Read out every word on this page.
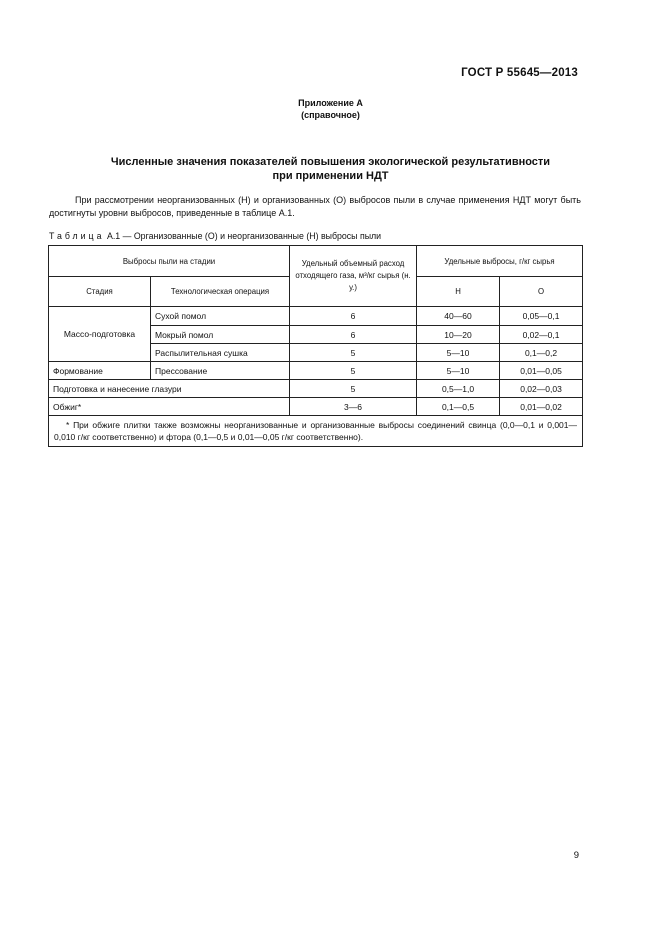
ГОСТ Р 55645—2013
Приложение А
(справочное)
Численные значения показателей повышения экологической результативности
при применении НДТ
При рассмотрении неорганизованных (Н) и организованных (О) выбросов пыли в случае применения НДТ могут быть достигнуты уровни выбросов, приведенные в таблице А.1.
Таблица А.1 — Организованные (О) и неорганизованные (Н) выбросы пыли
Выбросы пыли на стадии		Удельный объемный расход отходящего газа, м³/кг сырья (н. у.)	Удельные выбросы, г/кг сырья	
Стадия	Технологическая операция		Н	О
Массо-подготовка	Сухой помол	6	40—60	0,05—0,1
	Мокрый помол	6	10—20	0,02—0,1
	Распылительная сушка	5	5—10	0,1—0,2
Формование	Прессование	5	5—10	0,01—0,05
Подготовка и нанесение глазури		5	0,5—1,0	0,02—0,03
Обжиг*		3—6	0,1—0,5	0,01—0,02
* При обжиге плитки также возможны неорганизованные и организованные выбросы соединений свинца (0,0—0,1 и 0,001—0,010 г/кг соответственно) и фтора (0,1—0,5 и 0,01—0,05 г/кг соответственно).				
9
